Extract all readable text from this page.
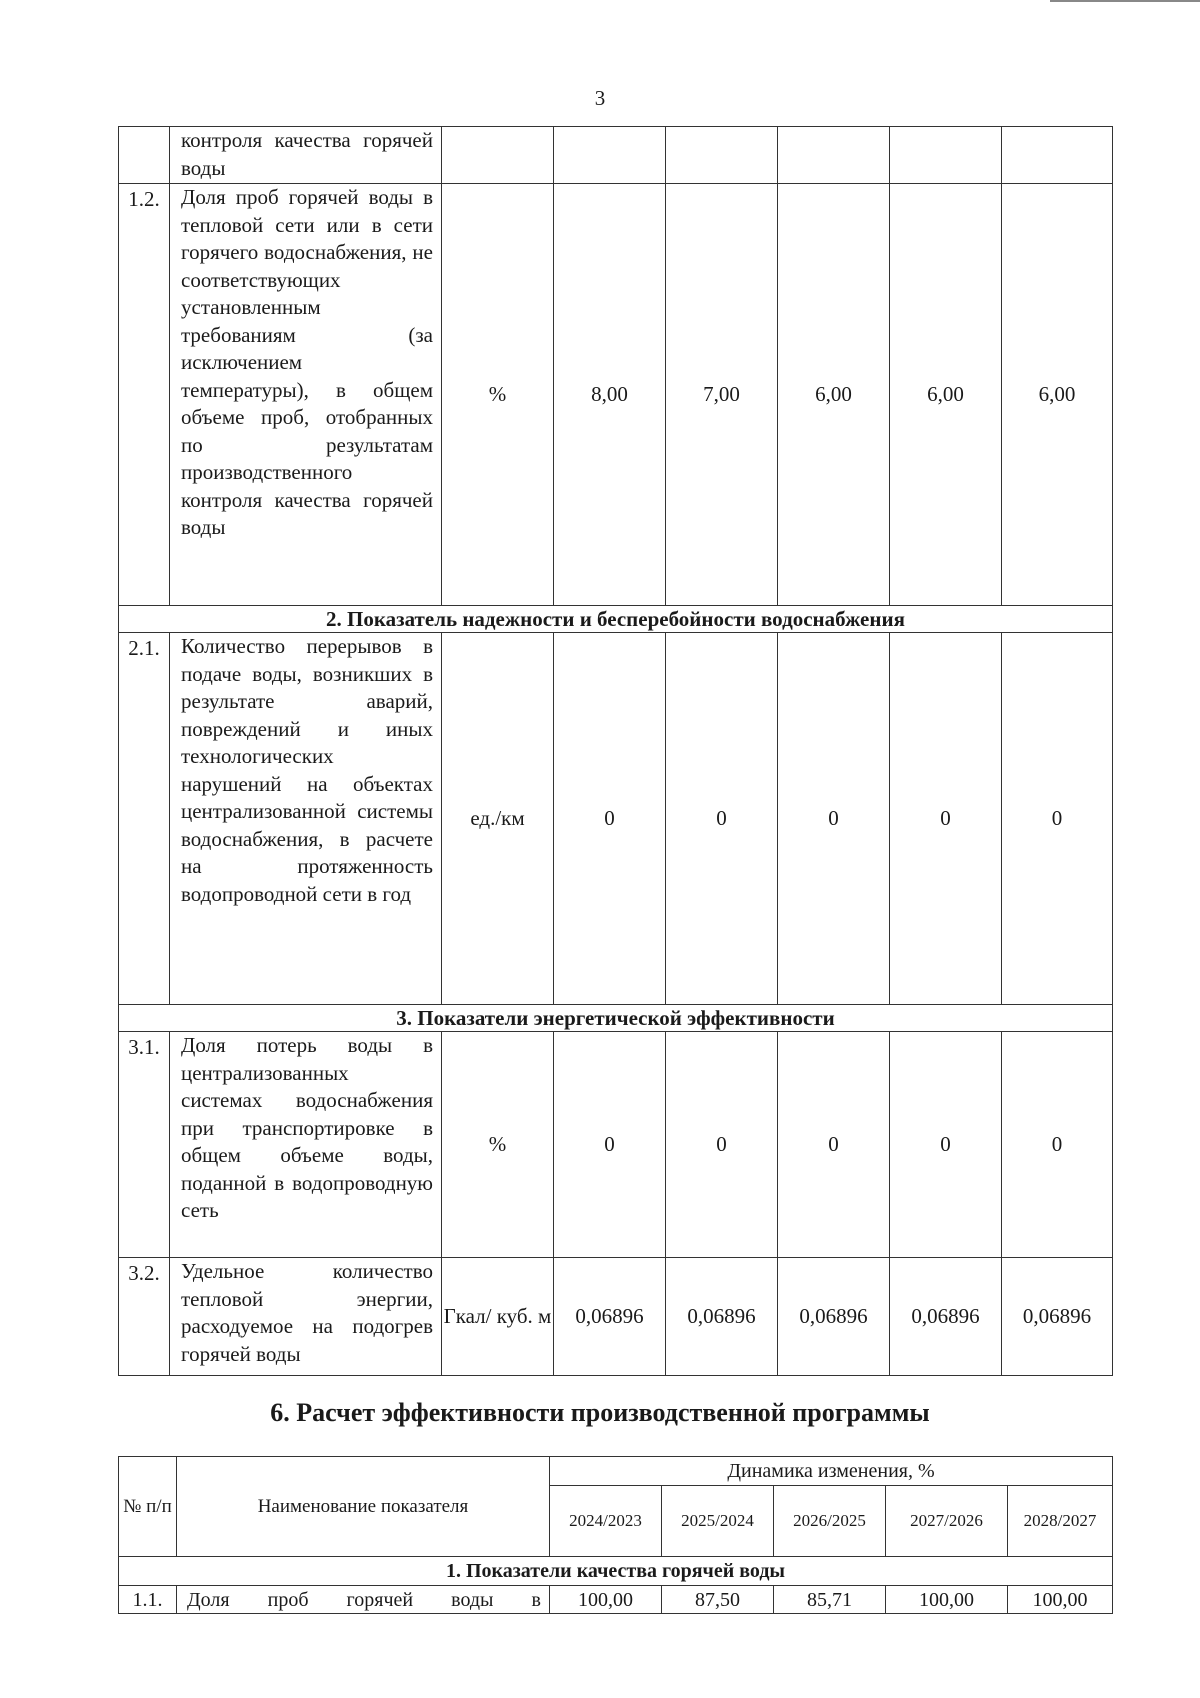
3
	контроля качества горячей воды						
1.2.	Доля проб горячей воды в тепловой сети или в сети горячего водоснабжения, не соответствующих установленным требованиям (за исключением температуры), в общем объеме проб, отобранных по результатам производственного контроля качества горячей воды	%	8,00	7,00	6,00	6,00	6,00
2. Показатель надежности и бесперебойности водоснабжения							
2.1.	Количество перерывов в подаче воды, возникших в результате аварий, повреждений и иных технологических нарушений на объектах централизованной системы водоснабжения, в расчете на протяженность водопроводной сети в год	ед./км	0	0	0	0	0
3. Показатели энергетической эффективности							
3.1.	Доля потерь воды в централизованных системах водоснабжения при транспортировке в общем объеме воды, поданной в водопроводную сеть	%	0	0	0	0	0
3.2.	Удельное количество тепловой энергии, расходуемое на подогрев горячей воды	Гкал/ куб. м	0,06896	0,06896	0,06896	0,06896	0,06896
6. Расчет эффективности производственной программы
№ п/п	Наименование показателя	Динамика изменения, %				
		2024/2023	2025/2024	2026/2025	2027/2026	2028/2027
1. Показатели качества горячей воды						
1.1.	Доля проб горячей воды в	100,00	87,50	85,71	100,00	100,00
